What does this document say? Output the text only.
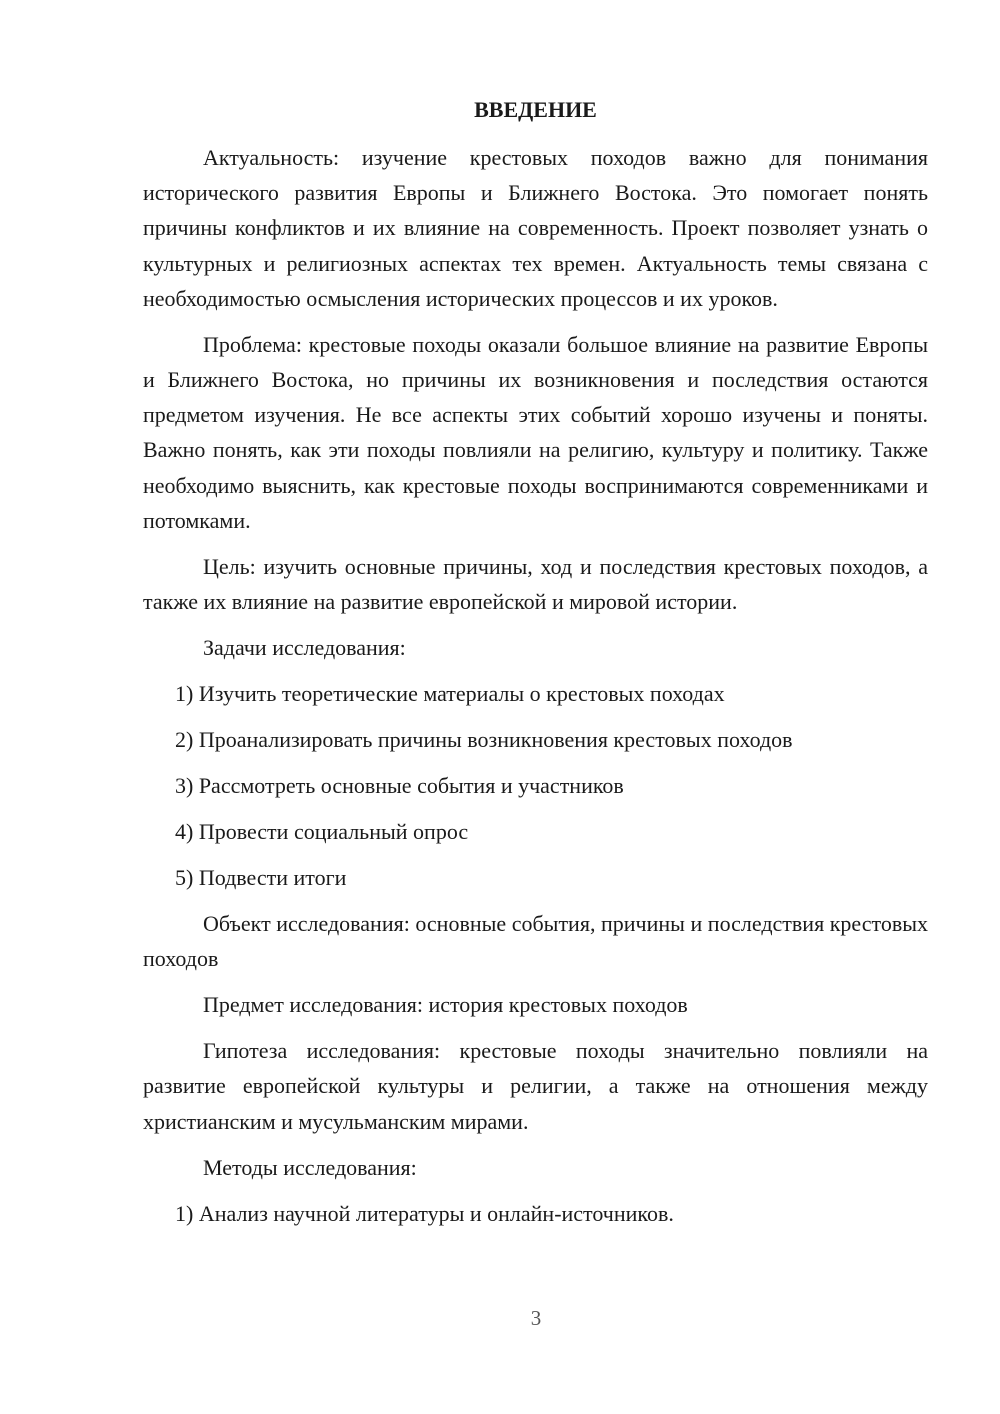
ВВЕДЕНИЕ

Актуальность: изучение крестовых походов важно для понимания исторического развития Европы и Ближнего Востока. Это помогает понять причины конфликтов и их влияние на современность. Проект позволяет узнать о культурных и религиозных аспектах тех времен. Актуальность темы связана с необходимостью осмысления исторических процессов и их уроков.

Проблема: крестовые походы оказали большое влияние на развитие Европы и Ближнего Востока, но причины их возникновения и последствия остаются предметом изучения. Не все аспекты этих событий хорошо изучены и поняты. Важно понять, как эти походы повлияли на религию, культуру и политику. Также необходимо выяснить, как крестовые походы воспринимаются современниками и потомками.

Цель: изучить основные причины, ход и последствия крестовых походов, а также их влияние на развитие европейской и мировой истории.

Задачи исследования:

1) Изучить теоретические материалы о крестовых походах

2) Проанализировать причины возникновения крестовых походов

3) Рассмотреть основные события и участников

4) Провести социальный опрос

5) Подвести итоги

Объект исследования: основные события, причины и последствия крестовых походов

Предмет исследования: история крестовых походов

Гипотеза исследования: крестовые походы значительно повлияли на развитие европейской культуры и религии, а также на отношения между христианским и мусульманским мирами.

Методы исследования:

1) Анализ научной литературы и онлайн-источников.

3
